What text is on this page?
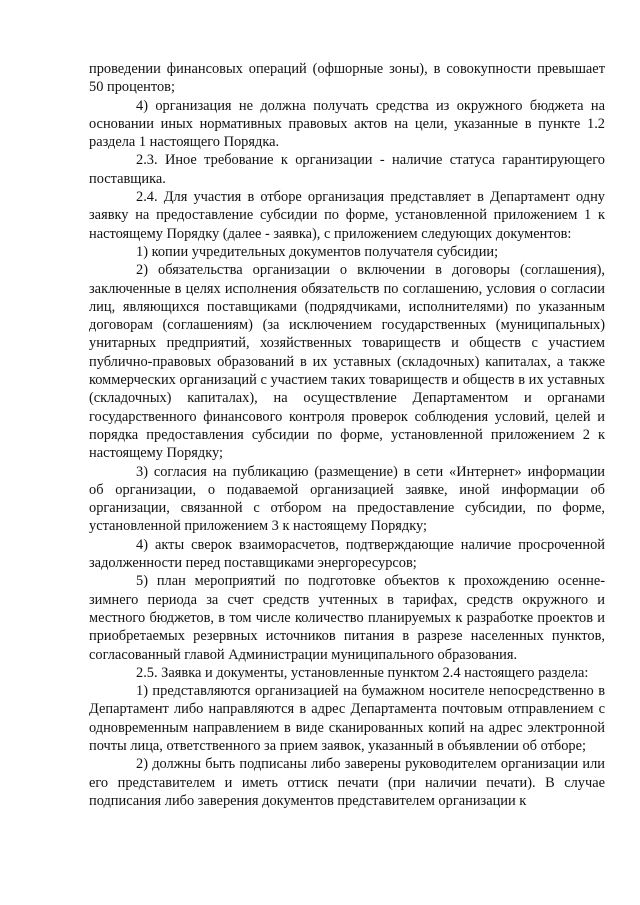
проведении финансовых операций (офшорные зоны), в совокупности превышает 50 процентов;

4) организация не должна получать средства из окружного бюджета на основании иных нормативных правовых актов на цели, указанные в пункте 1.2 раздела 1 настоящего Порядка.

2.3. Иное требование к организации - наличие статуса гарантирующего поставщика.

2.4. Для участия в отборе организация представляет в Департамент одну заявку на предоставление субсидии по форме, установленной приложением 1 к настоящему Порядку (далее - заявка), с приложением следующих документов:

1) копии учредительных документов получателя субсидии;

2) обязательства организации о включении в договоры (соглашения), заключенные в целях исполнения обязательств по соглашению, условия о согласии лиц, являющихся поставщиками (подрядчиками, исполнителями) по указанным договорам (соглашениям) (за исключением государственных (муниципальных) унитарных предприятий, хозяйственных товариществ и обществ с участием публично-правовых образований в их уставных (складочных) капиталах, а также коммерческих организаций с участием таких товариществ и обществ в их уставных (складочных) капиталах), на осуществление Департаментом и органами государственного финансового контроля проверок соблюдения условий, целей и порядка предоставления субсидии по форме, установленной приложением 2 к настоящему Порядку;

3) согласия на публикацию (размещение) в сети «Интернет» информации об организации, о подаваемой организацией заявке, иной информации об организации, связанной с отбором на предоставление субсидии, по форме, установленной приложением 3 к настоящему Порядку;

4) акты сверок взаиморасчетов, подтверждающие наличие просроченной задолженности перед поставщиками энергоресурсов;

5) план мероприятий по подготовке объектов к прохождению осенне-зимнего периода за счет средств учтенных в тарифах, средств окружного и местного бюджетов, в том числе количество планируемых к разработке проектов и приобретаемых резервных источников питания в разрезе населенных пунктов, согласованный главой Администрации муниципального образования.

2.5. Заявка и документы, установленные пунктом 2.4 настоящего раздела:

1) представляются организацией на бумажном носителе непосредственно в Департамент либо направляются в адрес Департамента почтовым отправлением с одновременным направлением в виде сканированных копий на адрес электронной почты лица, ответственного за прием заявок, указанный в объявлении об отборе;

2) должны быть подписаны либо заверены руководителем организации или его представителем и иметь оттиск печати (при наличии печати). В случае подписания либо заверения документов представителем организации к
